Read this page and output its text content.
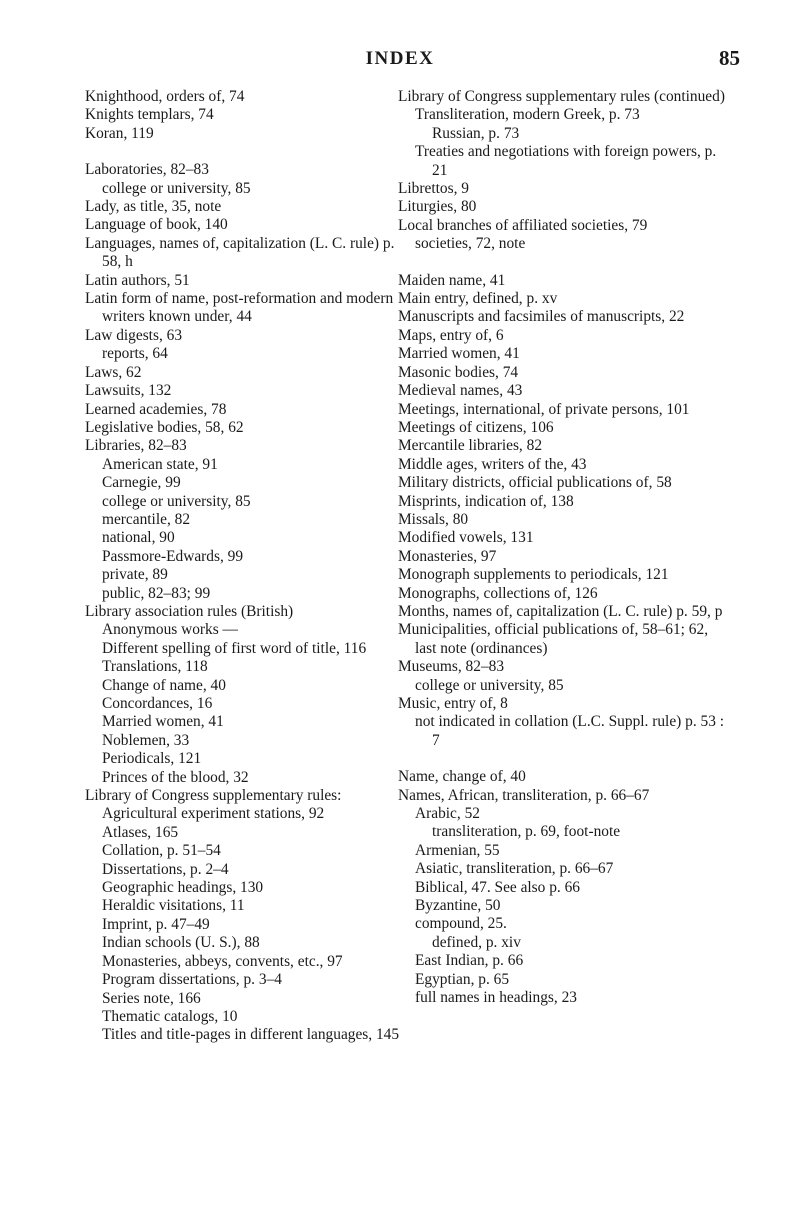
INDEX	85
Knighthood, orders of, 74
Knights templars, 74
Koran, 119
Laboratories, 82–83
college or university, 85
Lady, as title, 35, note
Language of book, 140
Languages, names of, capitalization (L. C. rule) p. 58, h
Latin authors, 51
Latin form of name, post-reformation and modern writers known under, 44
Law digests, 63
reports, 64
Laws, 62
Lawsuits, 132
Learned academies, 78
Legislative bodies, 58, 62
Libraries, 82–83
American state, 91
Carnegie, 99
college or university, 85
mercantile, 82
national, 90
Passmore-Edwards, 99
private, 89
public, 82–83; 99
Library association rules (British)
Anonymous works —
Different spelling of first word of title, 116
Translations, 118
Change of name, 40
Concordances, 16
Married women, 41
Noblemen, 33
Periodicals, 121
Princes of the blood, 32
Library of Congress supplementary rules:
Agricultural experiment stations, 92
Atlases, 165
Collation, p. 51–54
Dissertations, p. 2–4
Geographic headings, 130
Heraldic visitations, 11
Imprint, p. 47–49
Indian schools (U. S.), 88
Monasteries, abbeys, convents, etc., 97
Program dissertations, p. 3–4
Series note, 166
Thematic catalogs, 10
Titles and title-pages in different languages, 145
Library of Congress supplementary rules (continued)
Transliteration, modern Greek, p. 73
Russian, p. 73
Treaties and negotiations with foreign powers, p. 21
Librettos, 9
Liturgies, 80
Local branches of affiliated societies, 79
societies, 72, note
Maiden name, 41
Main entry, defined, p. xv
Manuscripts and facsimiles of manuscripts, 22
Maps, entry of, 6
Married women, 41
Masonic bodies, 74
Medieval names, 43
Meetings, international, of private persons, 101
Meetings of citizens, 106
Mercantile libraries, 82
Middle ages, writers of the, 43
Military districts, official publications of, 58
Misprints, indication of, 138
Missals, 80
Modified vowels, 131
Monasteries, 97
Monograph supplements to periodicals, 121
Monographs, collections of, 126
Months, names of, capitalization (L. C. rule) p. 59, p
Municipalities, official publications of, 58–61; 62, last note (ordinances)
Museums, 82–83
college or university, 85
Music, entry of, 8
not indicated in collation (L.C. Suppl. rule) p. 53 : 7
Name, change of, 40
Names, African, transliteration, p. 66–67
Arabic, 52
transliteration, p. 69, foot-note
Armenian, 55
Asiatic, transliteration, p. 66–67
Biblical, 47. See also p. 66
Byzantine, 50
compound, 25.
defined, p. xiv
East Indian, p. 66
Egyptian, p. 65
full names in headings, 23
